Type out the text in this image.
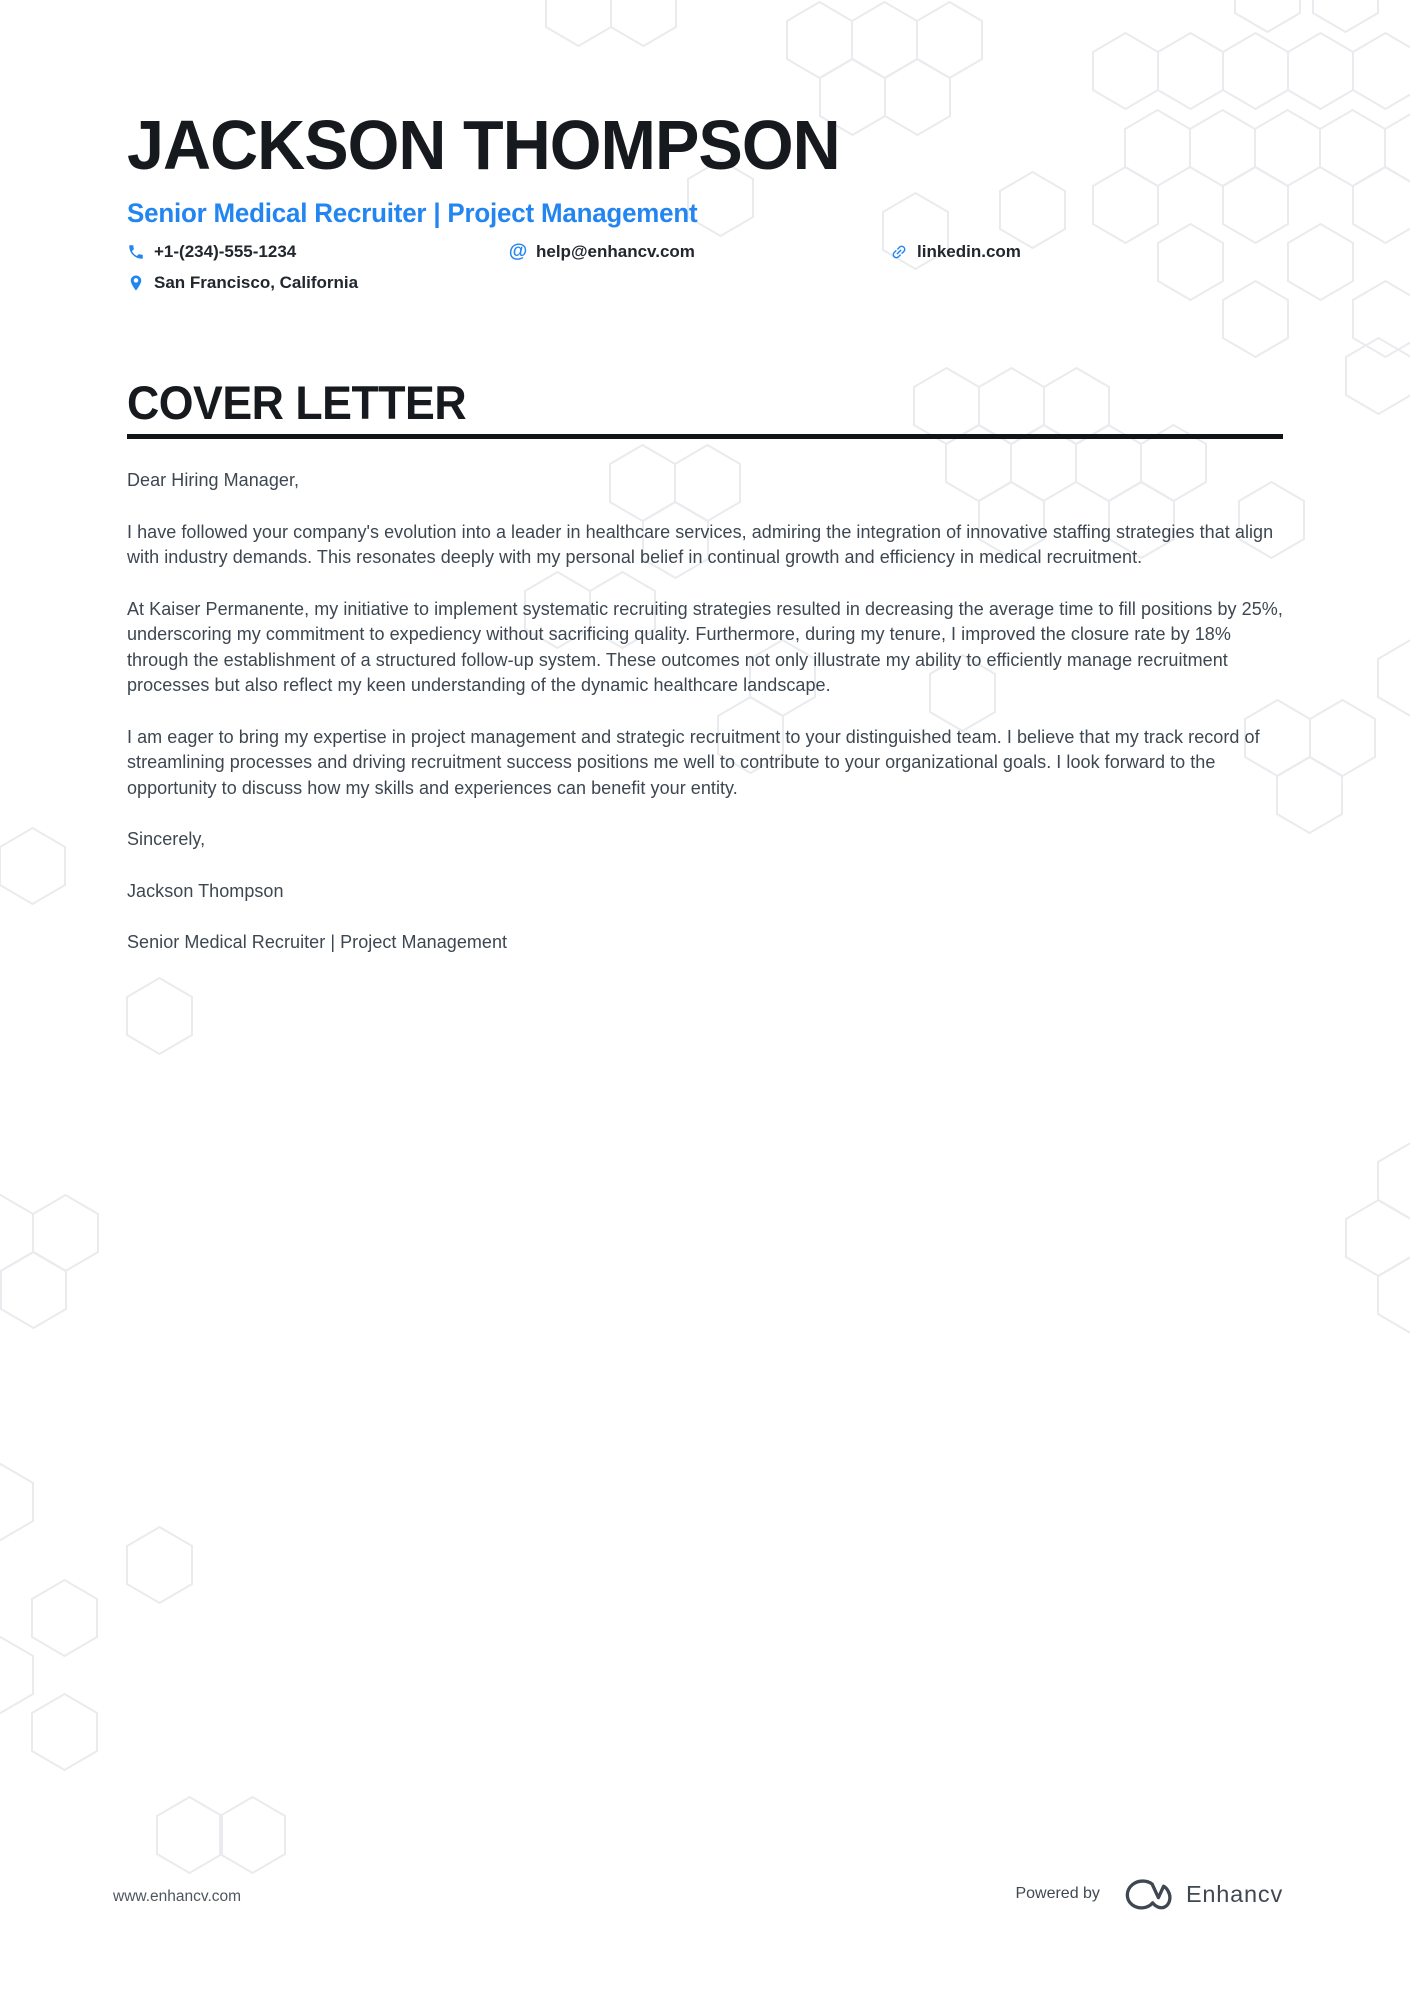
JACKSON THOMPSON
Senior Medical Recruiter | Project Management
+1-(234)-555-1234	@ help@enhancv.com	linkedin.com
San Francisco, California
COVER LETTER

Dear Hiring Manager,

I have followed your company's evolution into a leader in healthcare services, admiring the integration of innovative staffing strategies that align with industry demands. This resonates deeply with my personal belief in continual growth and efficiency in medical recruitment.

At Kaiser Permanente, my initiative to implement systematic recruiting strategies resulted in decreasing the average time to fill positions by 25%, underscoring my commitment to expediency without sacrificing quality. Furthermore, during my tenure, I improved the closure rate by 18% through the establishment of a structured follow-up system. These outcomes not only illustrate my ability to efficiently manage recruitment processes but also reflect my keen understanding of the dynamic healthcare landscape.

I am eager to bring my expertise in project management and strategic recruitment to your distinguished team. I believe that my track record of streamlining processes and driving recruitment success positions me well to contribute to your organizational goals. I look forward to the opportunity to discuss how my skills and experiences can benefit your entity.

Sincerely,

Jackson Thompson

Senior Medical Recruiter | Project Management

www.enhancv.com	Powered by	Enhancv
